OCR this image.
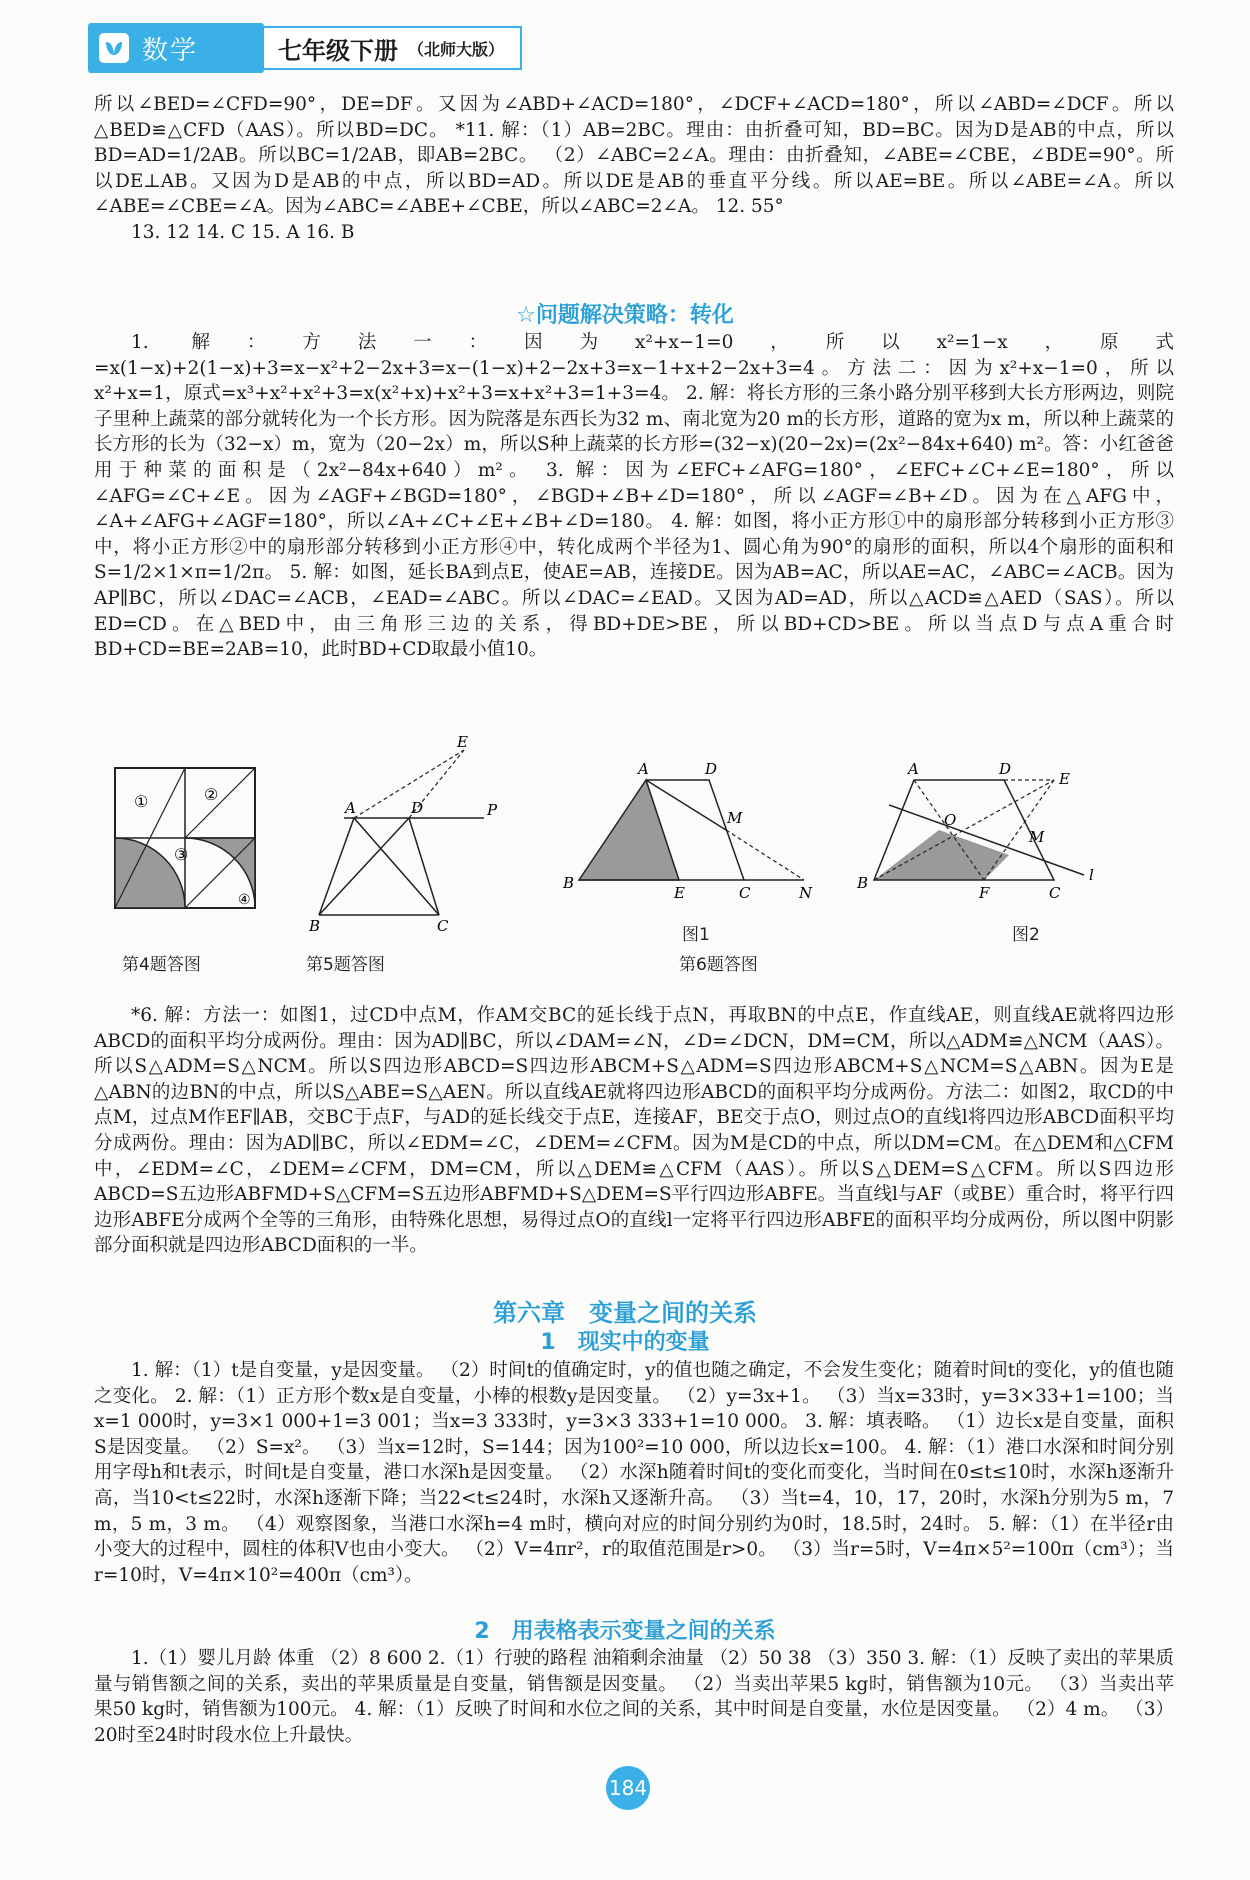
数学	七年级下册 （北师大版）

所以∠BED=∠CFD=90°，DE=DF。又因为∠ABD+∠ACD=180°，∠DCF+∠ACD=180°，所以∠ABD=∠DCF。所以△BED≌△CFD（AAS）。所以BD=DC。 *11. 解：（1）AB=2BC。理由：由折叠可知，BD=BC。因为D是AB的中点，所以BD=AD=1/2AB。所以BC=1/2AB，即AB=2BC。 （2）∠ABC=2∠A。理由：由折叠知，∠ABE=∠CBE，∠BDE=90°。所以DE⊥AB。又因为D是AB的中点，所以BD=AD。所以DE是AB的垂直平分线。所以AE=BE。所以∠ABE=∠A。所以∠ABE=∠CBE=∠A。因为∠ABC=∠ABE+∠CBE，所以∠ABC=2∠A。 12. 55°

13. 12 14. C 15. A 16. B

☆问题解决策略：转化

1. 解：方法一：因为x²+x−1=0，所以x²=1−x，原式=x(1−x)+2(1−x)+3=x−x²+2−2x+3=x−(1−x)+2−2x+3=x−1+x+2−2x+3=4。方法二：因为x²+x−1=0，所以x²+x=1，原式=x³+x²+x²+3=x(x²+x)+x²+3=x+x²+3=1+3=4。 2. 解：将长方形的三条小路分别平移到大长方形两边，则院子里种上蔬菜的部分就转化为一个长方形。因为院落是东西长为32 m、南北宽为20 m的长方形，道路的宽为x m，所以种上蔬菜的长方形的长为（32−x）m，宽为（20−2x）m，所以S种上蔬菜的长方形=(32−x)(20−2x)=(2x²−84x+640) m²。答：小红爸爸用于种菜的面积是（2x²−84x+640）m²。 3. 解：因为∠EFC+∠AFG=180°，∠EFC+∠C+∠E=180°，所以∠AFG=∠C+∠E。因为∠AGF+∠BGD=180°，∠BGD+∠B+∠D=180°，所以∠AGF=∠B+∠D。因为在△AFG中，∠A+∠AFG+∠AGF=180°，所以∠A+∠C+∠E+∠B+∠D=180。 4. 解：如图，将小正方形①中的扇形部分转移到小正方形③中，将小正方形②中的扇形部分转移到小正方形④中，转化成两个半径为1、圆心角为90°的扇形的面积，所以4个扇形的面积和S=1/2×1×π=1/2π。 5. 解：如图，延长BA到点E，使AE=AB，连接DE。因为AB=AC，所以AE=AC，∠ABC=∠ACB。因为AP∥BC，所以∠DAC=∠ACB，∠EAD=∠ABC。所以∠DAC=∠EAD。又因为AD=AD，所以△ACD≌△AED（SAS）。所以ED=CD。在△BED中，由三角形三边的关系，得BD+DE>BE，所以BD+CD>BE。所以当点D与点A重合时BD+CD=BE=2AB=10，此时BD+CD取最小值10。

①	②
③
④
E
A	D	P
B	C
A	D
M
B
E	C	N
A	D
E
M
O
l
B
F	C
第4题答图	第5题答图
图1
第6题答图
图2

*6. 解：方法一：如图1，过CD中点M，作AM交BC的延长线于点N，再取BN的中点E，作直线AE，则直线AE就将四边形ABCD的面积平均分成两份。理由：因为AD∥BC，所以∠DAM=∠N，∠D=∠DCN，DM=CM，所以△ADM≌△NCM（AAS）。所以S△ADM=S△NCM。所以S四边形ABCD=S四边形ABCM+S△ADM=S四边形ABCM+S△NCM=S△ABN。因为E是△ABN的边BN的中点，所以S△ABE=S△AEN。所以直线AE就将四边形ABCD的面积平均分成两份。方法二：如图2，取CD的中点M，过点M作EF∥AB，交BC于点F，与AD的延长线交于点E，连接AF，BE交于点O，则过点O的直线l将四边形ABCD面积平均分成两份。理由：因为AD∥BC，所以∠EDM=∠C，∠DEM=∠CFM。因为M是CD的中点，所以DM=CM。在△DEM和△CFM中，∠EDM=∠C，∠DEM=∠CFM，DM=CM，所以△DEM≌△CFM（AAS）。所以S△DEM=S△CFM。所以S四边形ABCD=S五边形ABFMD+S△CFM=S五边形ABFMD+S△DEM=S平行四边形ABFE。当直线l与AF（或BE）重合时，将平行四边形ABFE分成两个全等的三角形，由特殊化思想，易得过点O的直线l一定将平行四边形ABFE的面积平均分成两份，所以图中阴影部分面积就是四边形ABCD面积的一半。

第六章　变量之间的关系
1　现实中的变量

1. 解：（1）t是自变量，y是因变量。 （2）时间t的值确定时，y的值也随之确定，不会发生变化；随着时间t的变化，y的值也随之变化。 2. 解：（1）正方形个数x是自变量，小棒的根数y是因变量。 （2）y=3x+1。 （3）当x=33时，y=3×33+1=100；当x=1 000时，y=3×1 000+1=3 001；当x=3 333时，y=3×3 333+1=10 000。 3. 解：填表略。 （1）边长x是自变量，面积S是因变量。 （2）S=x²。 （3）当x=12时，S=144；因为100²=10 000，所以边长x=100。 4. 解：（1）港口水深和时间分别用字母h和t表示，时间t是自变量，港口水深h是因变量。 （2）水深h随着时间t的变化而变化，当时间在0≤t≤10时，水深h逐渐升高，当10<t≤22时，水深h逐渐下降；当22<t≤24时，水深h又逐渐升高。 （3）当t=4，10，17，20时，水深h分别为5 m，7 m，5 m，3 m。 （4）观察图象，当港口水深h=4 m时，横向对应的时间分别约为0时，18.5时，24时。 5. 解：（1）在半径r由小变大的过程中，圆柱的体积V也由小变大。 （2）V=4πr²，r的取值范围是r>0。 （3）当r=5时，V=4π×5²=100π（cm³）；当r=10时，V=4π×10²=400π（cm³）。

2　用表格表示变量之间的关系

1.（1）婴儿月龄 体重 （2）8 600 2.（1）行驶的路程 油箱剩余油量 （2）50 38 （3）350 3. 解：（1）反映了卖出的苹果质量与销售额之间的关系，卖出的苹果质量是自变量，销售额是因变量。 （2）当卖出苹果5 kg时，销售额为10元。 （3）当卖出苹果50 kg时，销售额为100元。 4. 解：（1）反映了时间和水位之间的关系，其中时间是自变量，水位是因变量。 （2）4 m。 （3）20时至24时时段水位上升最快。

184
